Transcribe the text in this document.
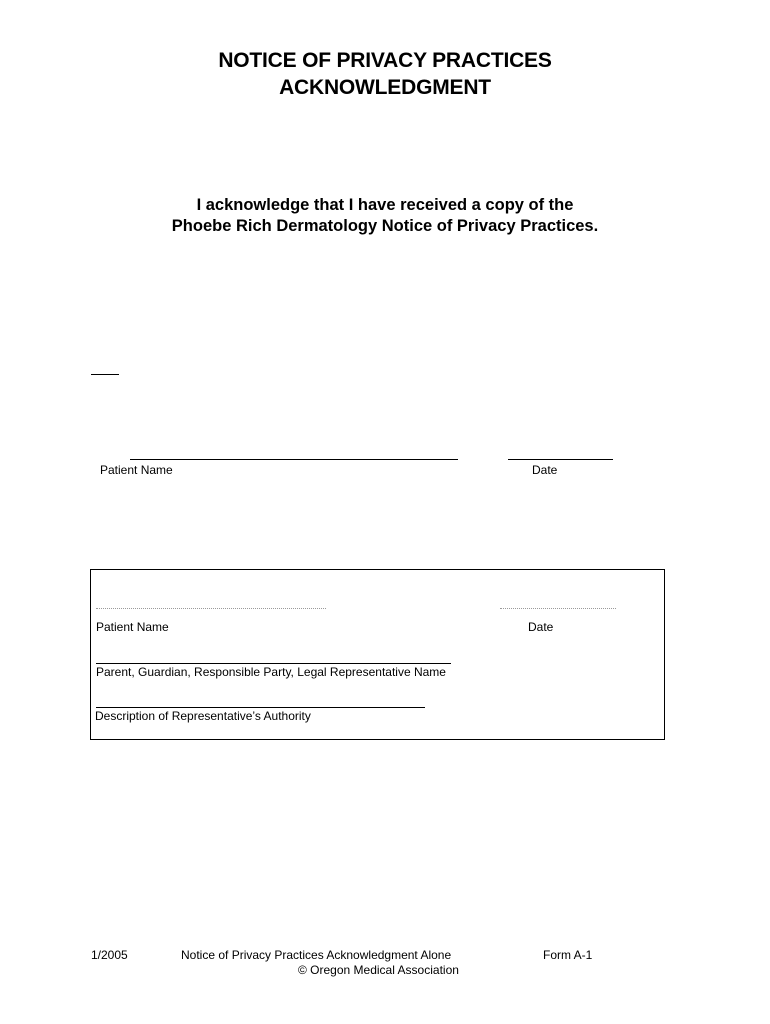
NOTICE OF PRIVACY PRACTICES
ACKNOWLEDGMENT
I acknowledge that I have received a copy of the
Phoebe Rich Dermatology Notice of Privacy Practices.
Patient Name	Date
Patient Name	Date
Parent, Guardian, Responsible Party, Legal Representative Name
Description of Representative’s Authority
1/2005	Notice of Privacy Practices Acknowledgment Alone
© Oregon Medical Association
Form A-1
